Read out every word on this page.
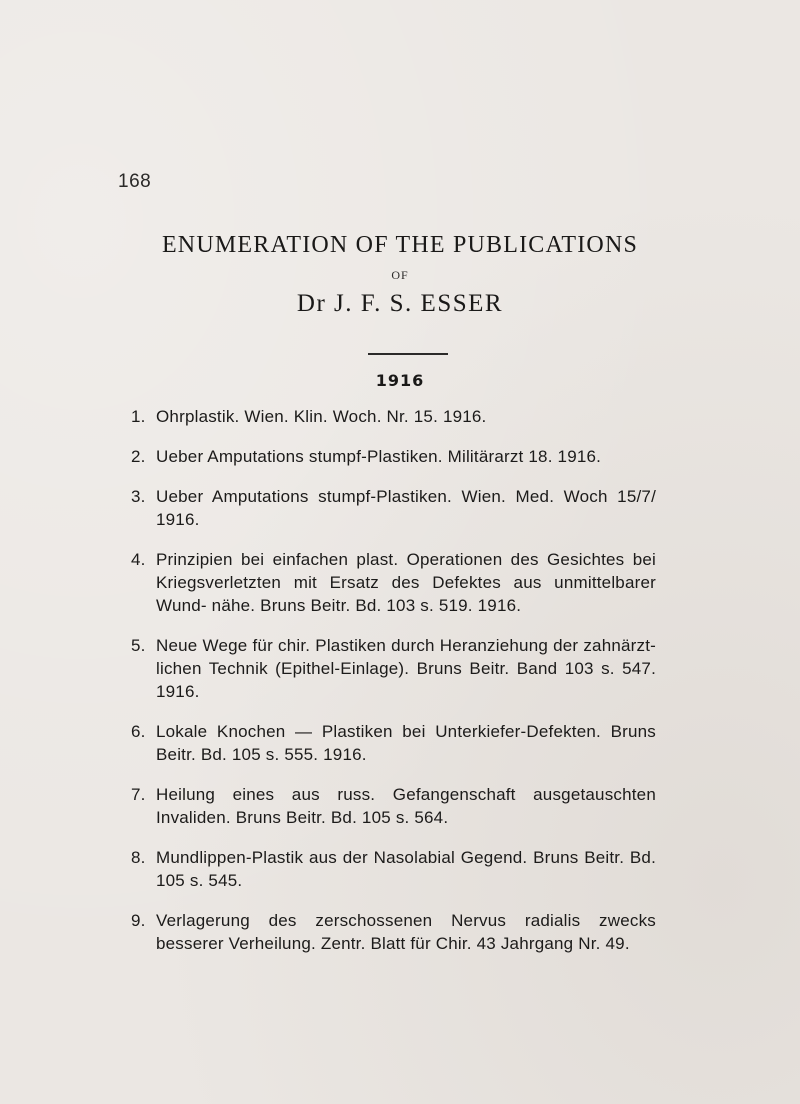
168
ENUMERATION OF THE PUBLICATIONS
OF
Dr J. F. S. ESSER
1916
1. Ohrplastik. Wien. Klin. Woch. Nr. 15. 1916.
2. Ueber Amputations stumpf-Plastiken. Militärarzt 18. 1916.
3. Ueber Amputations stumpf-Plastiken. Wien. Med. Woch 15/7/ 1916.
4. Prinzipien bei einfachen plast. Operationen des Gesichtes bei Kriegsverletzten mit Ersatz des Defektes aus unmittelbarer Wund- nähe. Bruns Beitr. Bd. 103 s. 519. 1916.
5. Neue Wege für chir. Plastiken durch Heranziehung der zahnärzt- lichen Technik (Epithel-Einlage). Bruns Beitr. Band 103 s. 547. 1916.
6. Lokale Knochen — Plastiken bei Unterkiefer-Defekten. Bruns Beitr. Bd. 105 s. 555. 1916.
7. Heilung eines aus russ. Gefangenschaft ausgetauschten Invaliden. Bruns Beitr. Bd. 105 s. 564.
8. Mundlippen-Plastik aus der Nasolabial Gegend. Bruns Beitr. Bd. 105 s. 545.
9. Verlagerung des zerschossenen Nervus radialis zwecks besserer Verheilung. Zentr. Blatt für Chir. 43 Jahrgang Nr. 49.
